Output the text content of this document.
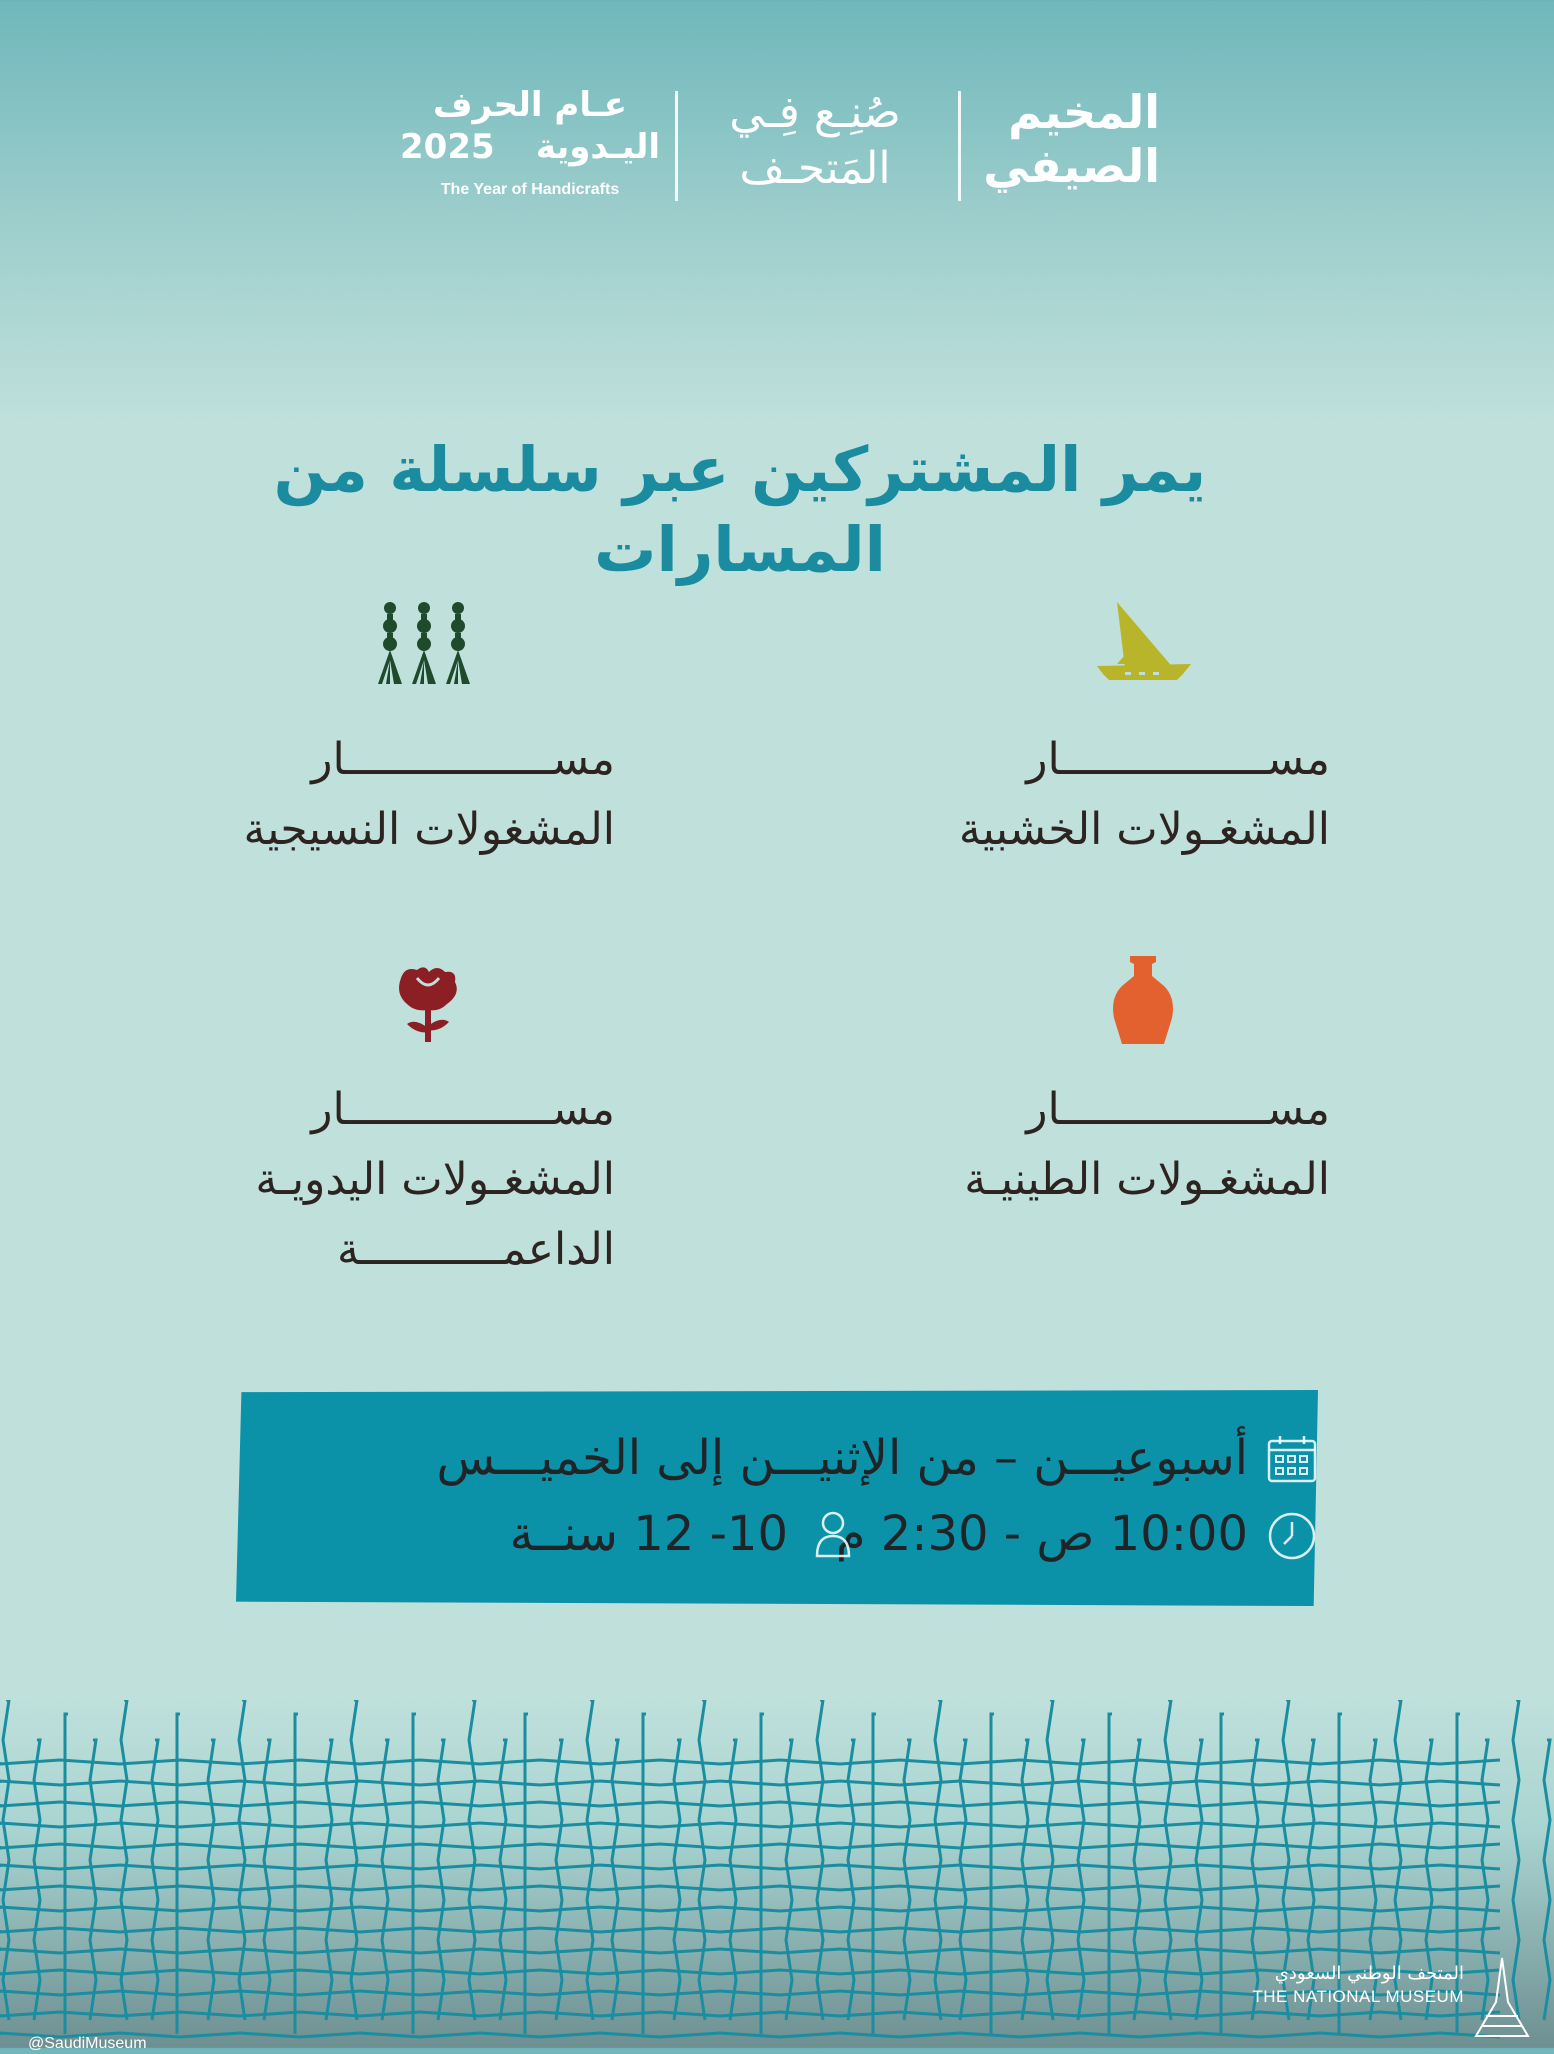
عـام الحرف
اليـدوية
2025
The Year of Handicrafts
صُنِـع فِـي
المَتحـف
المخيم
الصيفي
يمر المشتركين عبر سلسلة من المسارات
مســــــــــــــــار
المشغـولات الخشبية
مســــــــــــــــار
المشغولات النسيجية
مســــــــــــــــار
المشغـولات الطينيـة
مســــــــــــــــار
المشغـولات اليدويـة
الداعمـــــــــــة
أسبوعيـــن – من الإثنيـــن إلى الخميـــس
10:00 ص - 2:30 م
10- 12 سنــة
@SaudiMuseum
المتحف الوطني السعودي
THE NATIONAL MUSEUM
